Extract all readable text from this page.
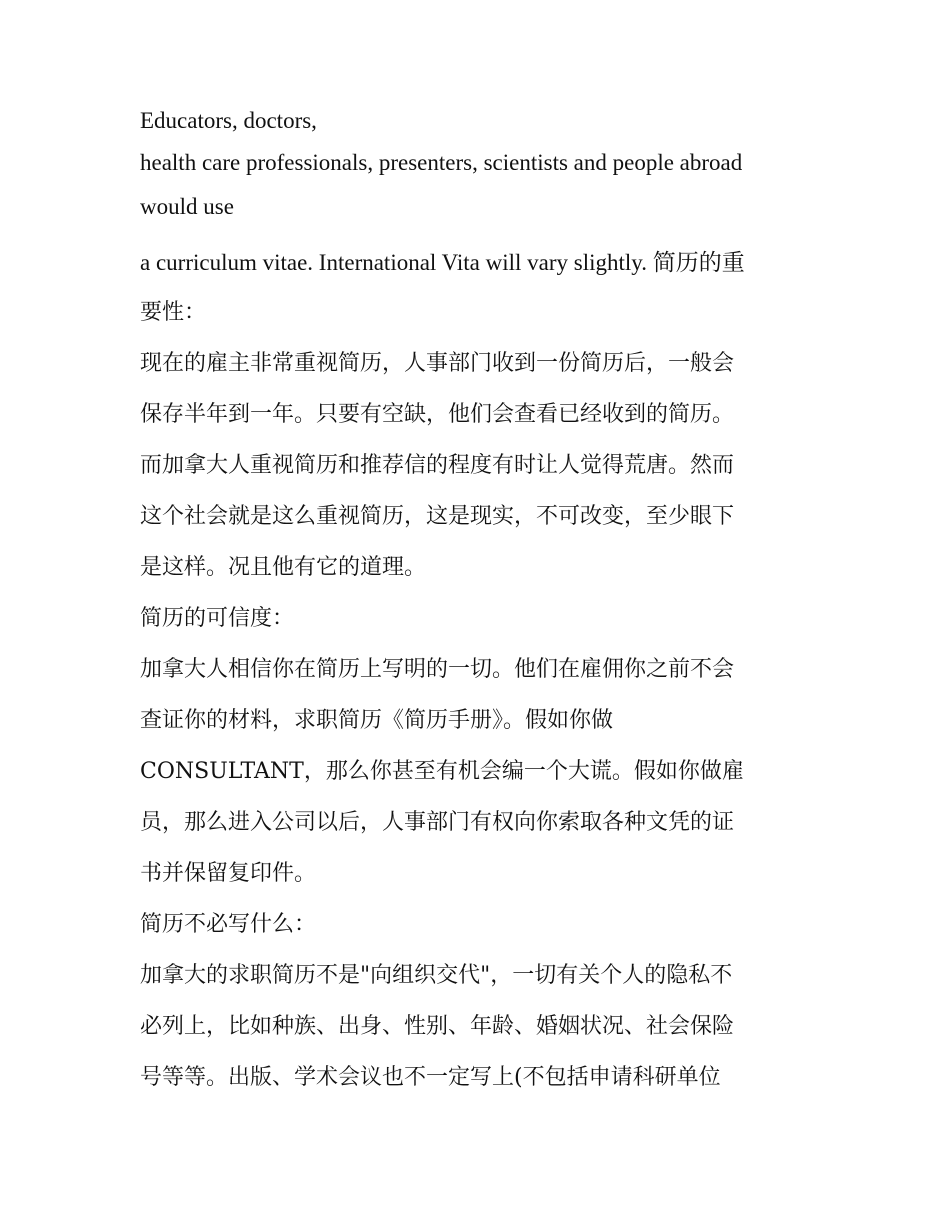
Educators, doctors,
health care professionals, presenters, scientists and people abroad
would use
a curriculum vitae. International Vita will vary slightly. 简历的重
要性：
现在的雇主非常重视简历，人事部门收到一份简历后，一般会
保存半年到一年。只要有空缺，他们会查看已经收到的简历。
而加拿大人重视简历和推荐信的程度有时让人觉得荒唐。然而
这个社会就是这么重视简历，这是现实，不可改变，至少眼下
是这样。况且他有它的道理。
简历的可信度：
加拿大人相信你在简历上写明的一切。他们在雇佣你之前不会
查证你的材料，求职简历《简历手册》。假如你做
CONSULTANT，那么你甚至有机会编一个大谎。假如你做雇
员，那么进入公司以后，人事部门有权向你索取各种文凭的证
书并保留复印件。
简历不必写什么：
加拿大的求职简历不是"向组织交代"，一切有关个人的隐私不
必列上，比如种族、出身、性别、年龄、婚姻状况、社会保险
号等等。出版、学术会议也不一定写上(不包括申请科研单位
